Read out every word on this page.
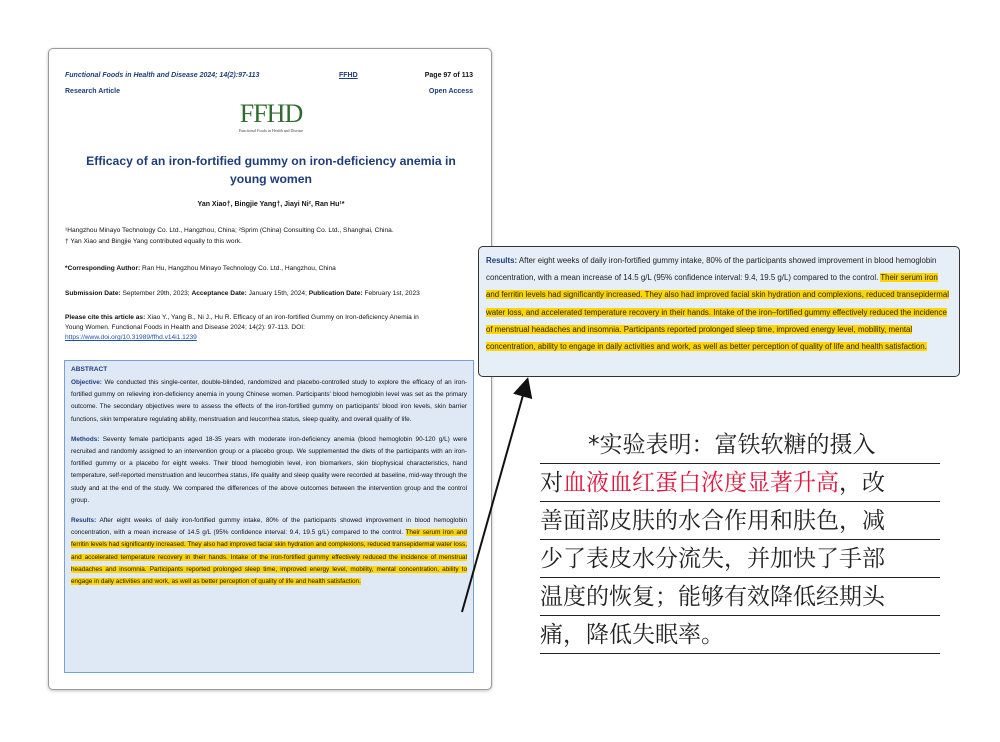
Functional Foods in Health and Disease 2024; 14(2):97-113	FFHD	Page 97 of 113
Research Article	Open Access
FFHD
Functional Foods in Health and Disease
Efficacy of an iron-fortified gummy on iron-deficiency anemia in
young women
Yan Xiao†, Bingjie Yang†, Jiayi Ni², Ran Hu¹*
¹Hangzhou Minayo Technology Co. Ltd., Hangzhou, China; ²Sprim (China) Consulting Co. Ltd., Shanghai, China.
† Yan Xiao and Bingjie Yang contributed equally to this work.
*Corresponding Author: Ran Hu, Hangzhou Minayo Technology Co. Ltd., Hangzhou, China
Submission Date: September 29th, 2023; Acceptance Date: January 15th, 2024; Publication Date: February 1st, 2023
Please cite this article as: Xiao Y., Yang B., Ni J., Hu R. Efficacy of an iron-fortified Gummy on Iron-deficiency Anemia in
Young Women. Functional Foods in Health and Disease 2024; 14(2): 97-113. DOI:
https://www.doi.org/10.31989/ffhd.v14i1.1239
ABSTRACT
Objective: We conducted this single-center, double-blinded, randomized and placebo-controlled study to explore the efficacy of an iron-fortified gummy on relieving iron-deficiency anemia in young Chinese women. Participants' blood hemoglobin level was set as the primary outcome. The secondary objectives were to assess the effects of the iron-fortified gummy on participants' blood iron levels, skin barrier functions, skin temperature regulating ability, menstruation and leucorrhea status, sleep quality, and overall quality of life.
Methods: Seventy female participants aged 18-35 years with moderate iron-deficiency anemia (blood hemoglobin 90-120 g/L) were recruited and randomly assigned to an intervention group or a placebo group. We supplemented the diets of the participants with an iron-fortified gummy or a placebo for eight weeks. Their blood hemoglobin level, iron biomarkers, skin biophysical characteristics, hand temperature, self-reported menstruation and leucorrhea status, life quality and sleep quality were recorded at baseline, mid-way through the study and at the end of the study. We compared the differences of the above outcomes between the intervention group and the control group.
Results: After eight weeks of daily iron-fortified gummy intake, 80% of the participants showed improvement in blood hemoglobin concentration, with a mean increase of 14.5 g/L (95% confidence interval: 9.4, 19.5 g/L) compared to the control. Their serum iron and ferritin levels had significantly increased. They also had improved facial skin hydration and complexions, reduced transepidermal water loss, and accelerated temperature recovery in their hands. Intake of the iron-fortified gummy effectively reduced the incidence of menstrual headaches and insomnia. Participants reported prolonged sleep time, improved energy level, mobility, mental concentration, ability to engage in daily activities and work, as well as better perception of quality of life and health satisfaction.
Results: After eight weeks of daily iron-fortified gummy intake, 80% of the participants showed improvement in blood hemoglobin concentration, with a mean increase of 14.5 g/L (95% confidence interval: 9.4, 19.5 g/L) compared to the control. Their serum iron and ferritin levels had significantly increased. They also had improved facial skin hydration and complexions, reduced transepidermal water loss, and accelerated temperature recovery in their hands. Intake of the iron–fortified gummy effectively reduced the incidence of menstrual headaches and insomnia. Participants reported prolonged sleep time, improved energy level, mobility, mental concentration, ability to engage in daily activities and work, as well as better perception of quality of life and health satisfaction.
*实验表明：富铁软糖的摄入
对血液血红蛋白浓度显著升高，改
善面部皮肤的水合作用和肤色，减
少了表皮水分流失，并加快了手部
温度的恢复；能够有效降低经期头
痛，降低失眠率。
